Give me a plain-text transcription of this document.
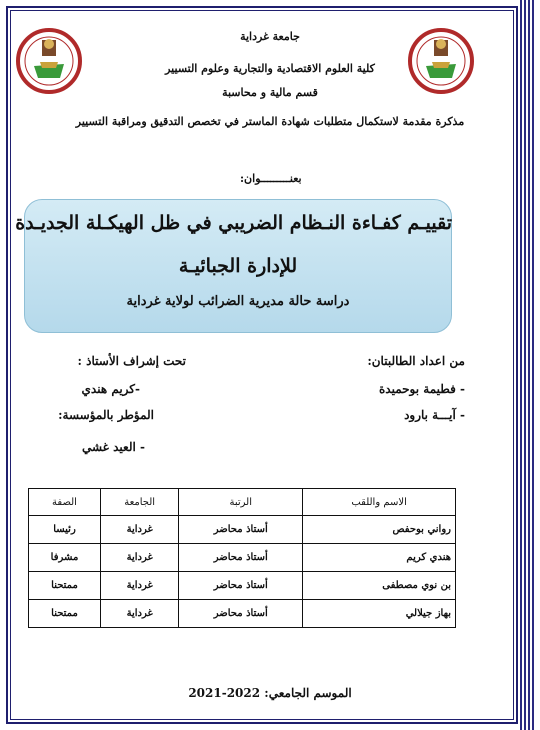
جامعة غرداية
كلية العلوم الاقتصادية والتجارية وعلوم التسيير
قسم مالية و محاسبة
مذكرة مقدمة لاستكمال متطلبات شهادة الماستر في تخصص التدقيق ومراقبة التسيير
بعنـــــــــوان:
تقييـم كفـاءة النـظام الضريبي في ظل الهيكـلة الجديـدة
للإدارة الجبائيـة
دراسة حالة مديرية الضرائب لولاية غرداية
من اعداد الطالبتان:
- فطيمة بوحميدة
- آيـــة بارود
تحت إشراف الأستاذ :
-كريم هندي
المؤطر بالمؤسسة:
- العيد غشي
الاسم واللقب	الرتبة	الجامعة	الصفة
رواني بوحفص	أستاذ محاضر	غرداية	رئيسا
هندي كريم	أستاذ محاضر	غرداية	مشرفا
بن نوي مصطفى	أستاذ محاضر	غرداية	ممتحنا
بهاز جيلالي	أستاذ محاضر	غرداية	ممتحنا
الموسم الجامعي: 2022-2021
